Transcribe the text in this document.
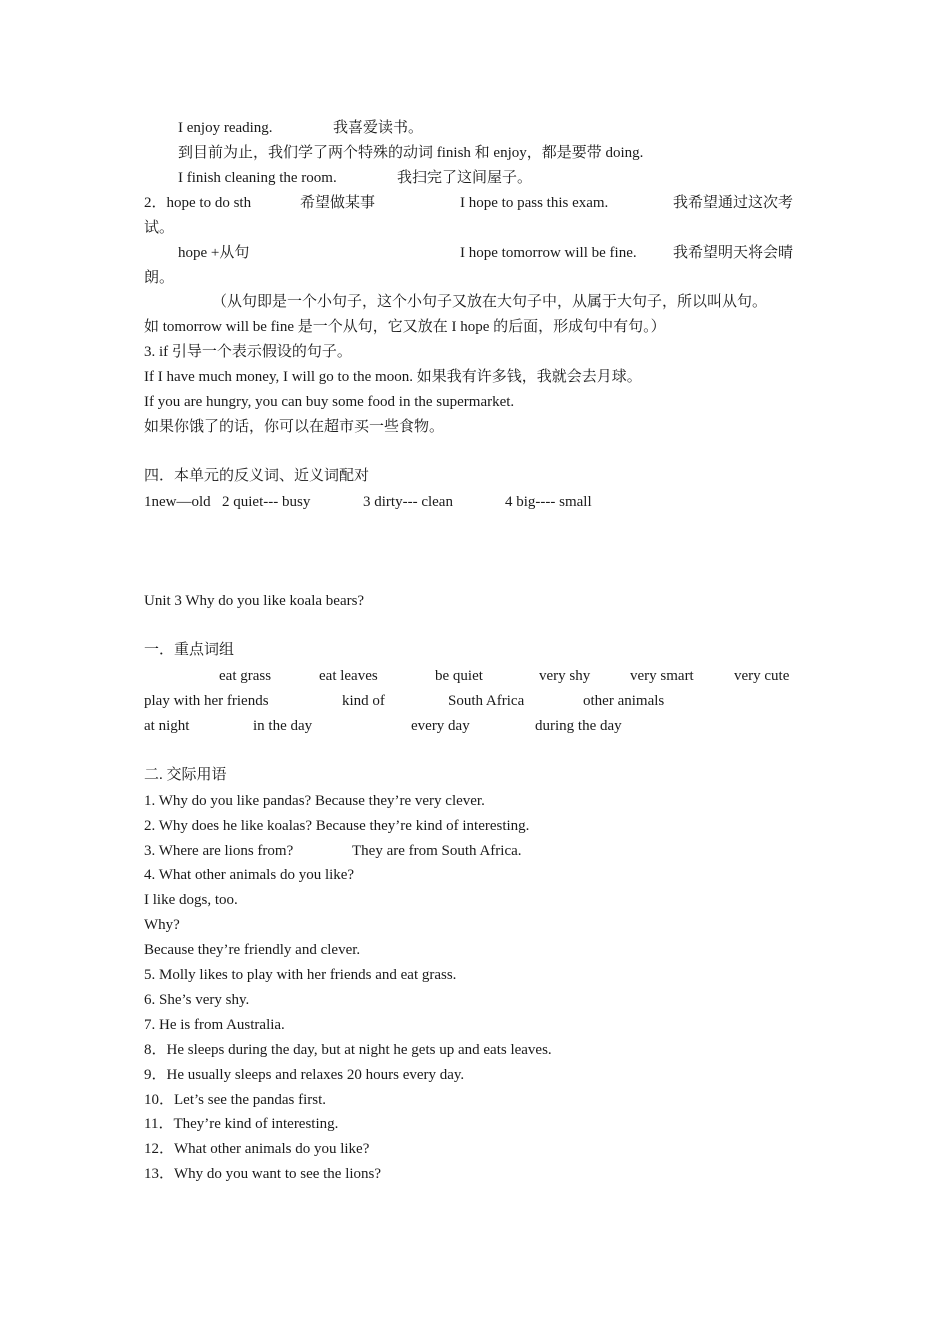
I enjoy reading.	我喜爱读书。
到目前为止，我们学了两个特殊的动词 finish 和 enjoy，都是要带 doing.
I finish cleaning the room.	我扫完了这间屋子。
2．hope to do sth	希望做某事	I hope to pass this exam.	我希望通过这次考
试。
hope +从句	I hope tomorrow will be fine. 我希望明天将会晴
朗。
（从句即是一个小句子，这个小句子又放在大句子中，从属于大句子，所以叫从句。
如 tomorrow will be fine 是一个从句，它又放在 I hope 的后面，形成句中有句。）
3. if 引导一个表示假设的句子。
If I have much money, I will go to the moon. 如果我有许多钱，我就会去月球。
If you are hungry, you can buy some food in the supermarket.
如果你饿了的话，你可以在超市买一些食物。
四．本单元的反义词、近义词配对
1new—old 2 quiet--- busy	3 dirty--- clean	4 big---- small
Unit 3 Why do you like koala bears?
一．重点词组
eat grass	eat leaves	be quiet	very shy	very smart	very cute
play with her friends	kind of	South Africa	other animals
at night	in the day	every day	during the day
二. 交际用语
1. Why do you like pandas? Because they’re very clever.
2. Why does he like koalas? Because they’re kind of interesting.
3. Where are lions from?	They are from South Africa.
4. What other animals do you like?
I like dogs, too.
Why?
Because they’re friendly and clever.
5. Molly likes to play with her friends and eat grass.
6. She’s very shy.
7. He is from Australia.
8．He sleeps during the day, but at night he gets up and eats leaves.
9．He usually sleeps and relaxes 20 hours every day.
10．Let’s see the pandas first.
11．They’re kind of interesting.
12．What other animals do you like?
13．Why do you want to see the lions?
